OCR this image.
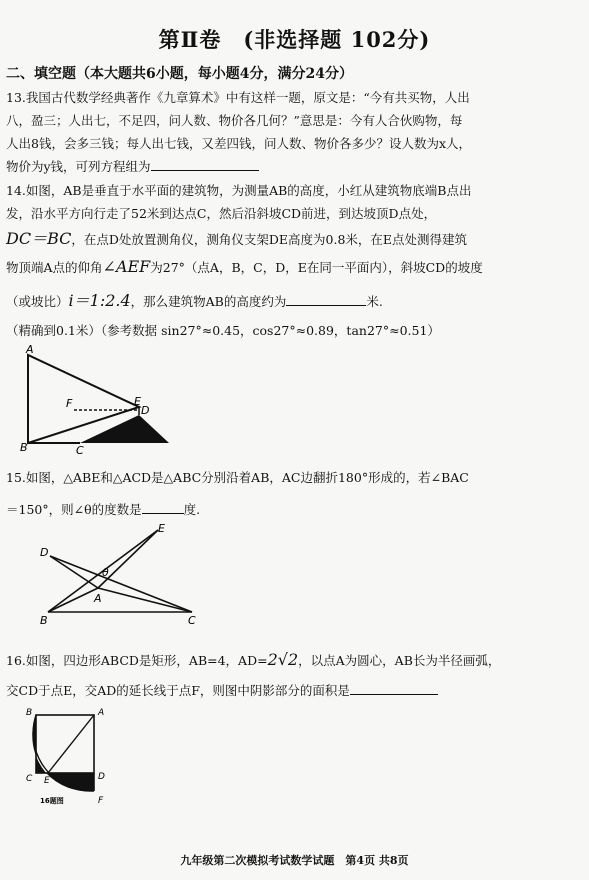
第Ⅱ卷　(非选择题 102分)
二、填空题（本大题共6小题，每小题4分，满分24分）
13.我国古代数学经典著作《九章算术》中有这样一题，原文是：“今有共买物，人出
八，盈三；人出七，不足四，问人数、物价各几何？”意思是：今有人合伙购物，每
人出8钱，会多三钱；每人出七钱，又差四钱，问人数、物价各多少？设人数为x人，
物价为y钱，可列方程组为
14.如图，AB是垂直于水平面的建筑物，为测量AB的高度，小红从建筑物底端B点出
发，沿水平方向行走了52米到达点C，然后沿斜坡CD前进，到达坡顶D点处，
DC＝BC，在点D处放置测角仪，测角仪支架DE高度为0.8米，在E点处测得建筑
物顶端A点的仰角∠AEF为27°（点A，B，C，D，E在同一平面内），斜坡CD的坡度
（或坡比）i＝1:2.4，那么建筑物AB的高度约为	米.
（精确到0.1米）（参考数据 sin27°≈0.45，cos27°≈0.89，tan27°≈0.51）
A
B	C
D
E
F
15.如图，△ABE和△ACD是△ABC分别沿着AB，AC边翻折180°形成的，若∠BAC
＝150°，则∠θ的度数是	度.
B	C
A
D
E
θ
16.如图，四边形ABCD是矩形，AB=4，AD=2√2，以点A为圆心，AB长为半径画弧，
交CD于点E，交AD的延长线于点F，则图中阴影部分的面积是
B	A
C E	D
F
16题图
九年级第二次模拟考试数学试题　第4页 共8页
